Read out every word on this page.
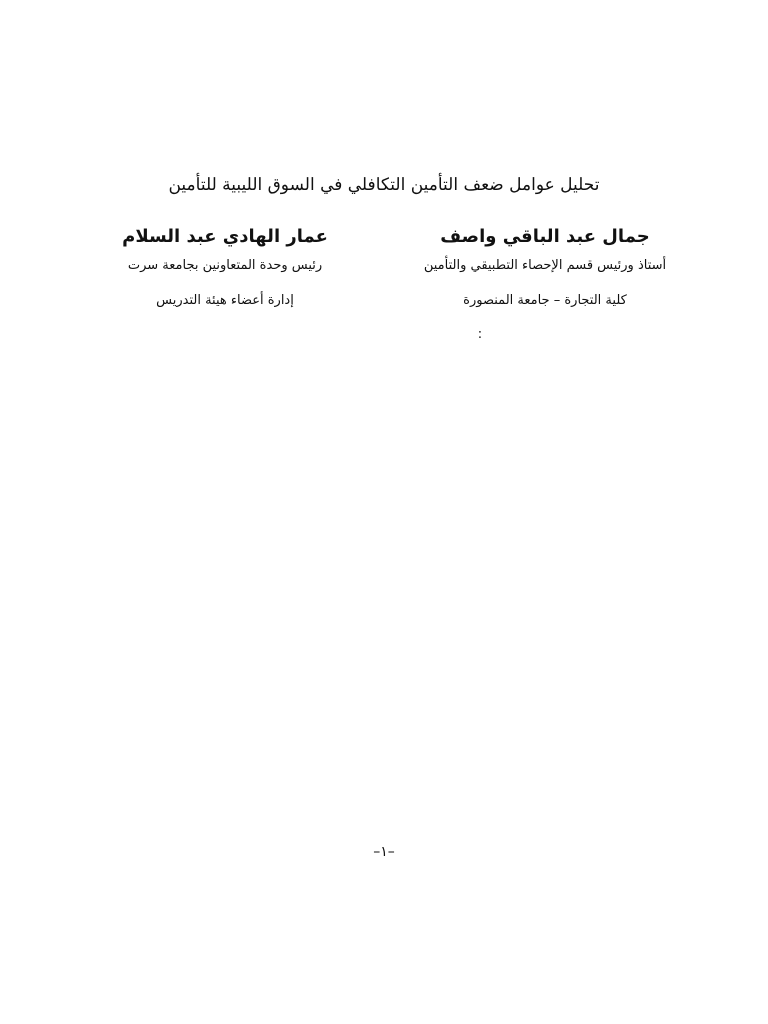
تحليل عوامل ضعف التأمين التكافلي في السوق الليبية للتأمين
جمال عبد الباقي واصف
أستاذ ورئيس قسم الإحصاء التطبيقي والتأمين
كلية التجارة – جامعة المنصورة
عمار الهادي عبد السلام
رئيس وحدة المتعاونين بجامعة سرت
إدارة أعضاء هيئة التدريس
:
–١–
